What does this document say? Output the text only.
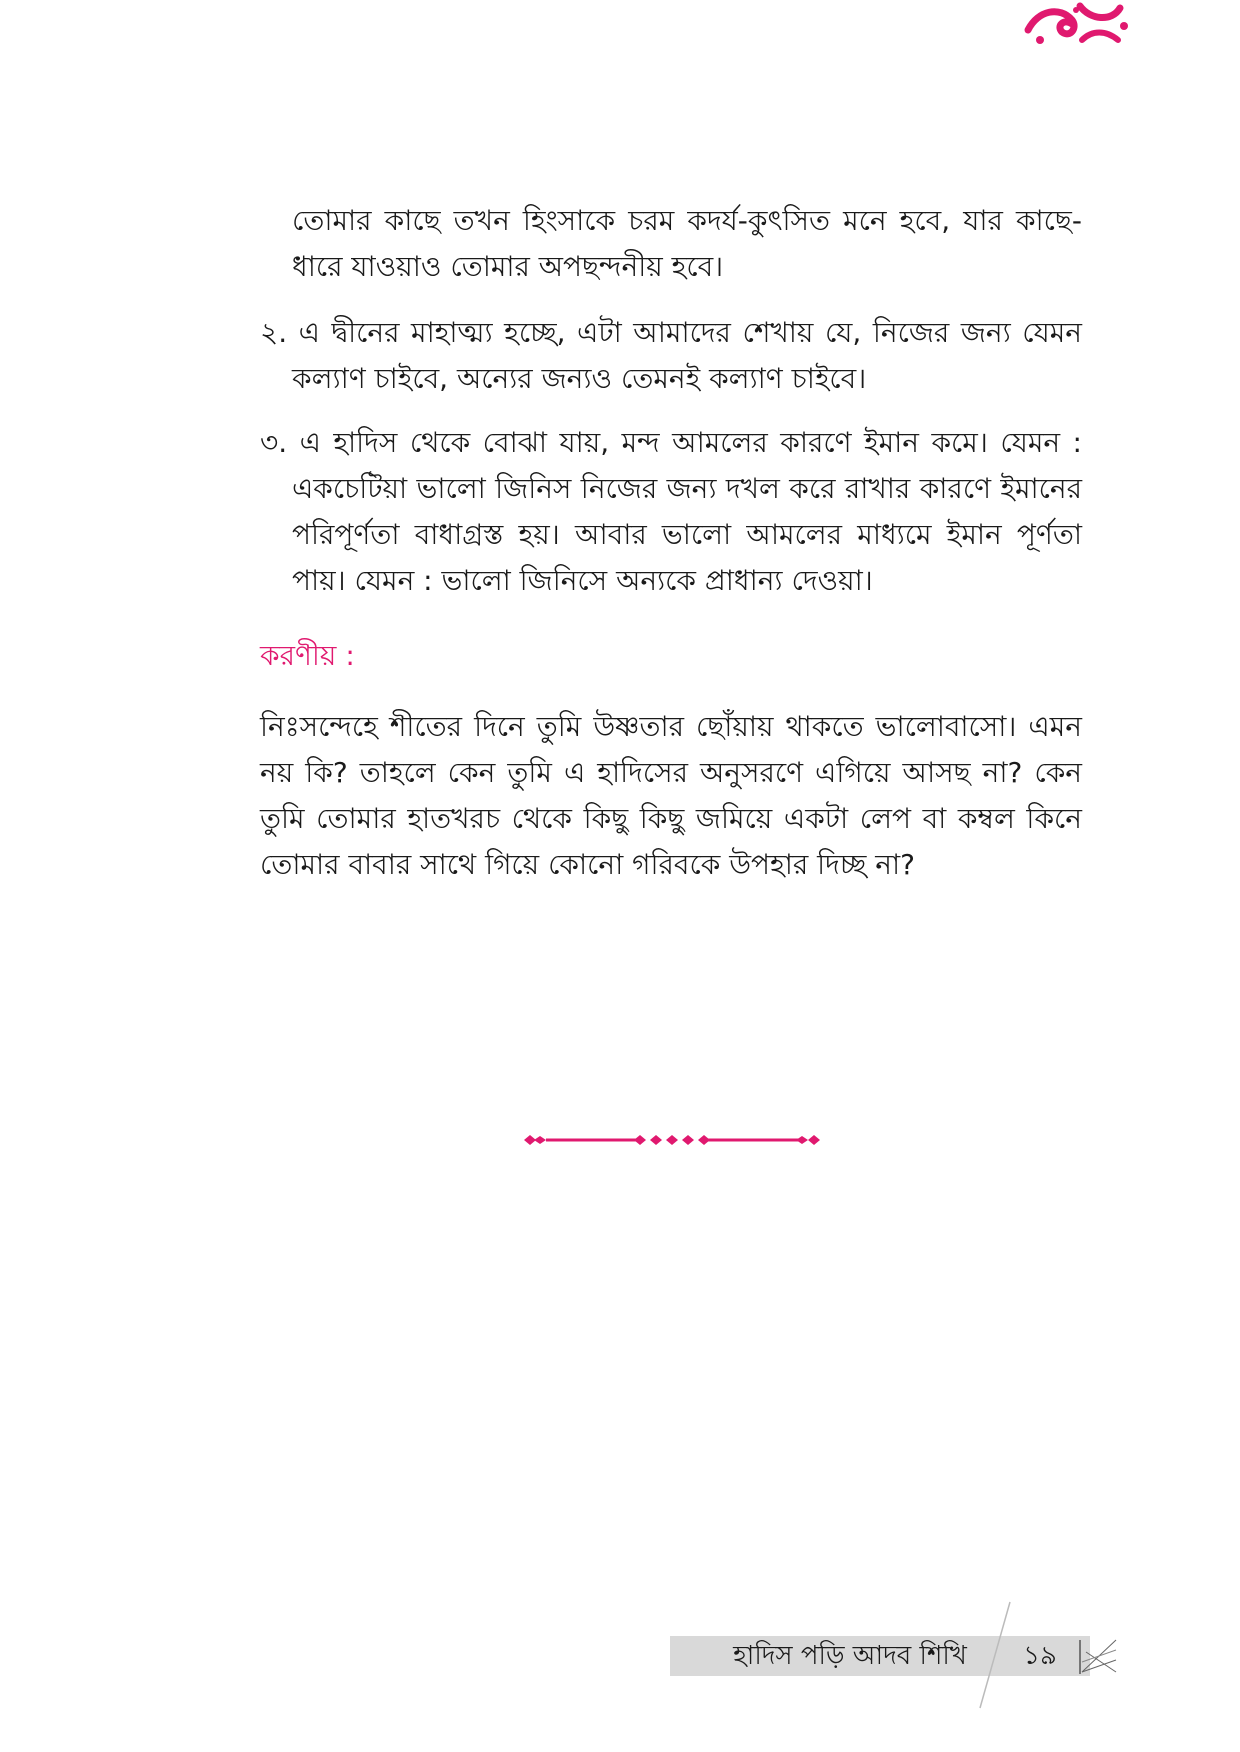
তোমার কাছে তখন হিংসাকে চরম কদর্য-কুৎসিত মনে হবে, যার কাছে-ধারে যাওয়াও তোমার অপছন্দনীয় হবে।
২. এ দ্বীনের মাহাত্ম্য হচ্ছে, এটা আমাদের শেখায় যে, নিজের জন্য যেমন কল্যাণ চাইবে, অন্যের জন্যও তেমনই কল্যাণ চাইবে।
৩. এ হাদিস থেকে বোঝা যায়, মন্দ আমলের কারণে ইমান কমে। যেমন : একচেটিয়া ভালো জিনিস নিজের জন্য দখল করে রাখার কারণে ইমানের পরিপূর্ণতা বাধাগ্রস্ত হয়। আবার ভালো আমলের মাধ্যমে ইমান পূর্ণতা পায়। যেমন : ভালো জিনিসে অন্যকে প্রাধান্য দেওয়া।
করণীয় :
নিঃসন্দেহে শীতের দিনে তুমি উষ্ণতার ছোঁয়ায় থাকতে ভালোবাসো। এমন নয় কি? তাহলে কেন তুমি এ হাদিসের অনুসরণে এগিয়ে আসছ না? কেন তুমি তোমার হাতখরচ থেকে কিছু কিছু জমিয়ে একটা লেপ বা কম্বল কিনে তোমার বাবার সাথে গিয়ে কোনো গরিবকে উপহার দিচ্ছ না?
হাদিস পড়ি আদব শিখি	১৯
